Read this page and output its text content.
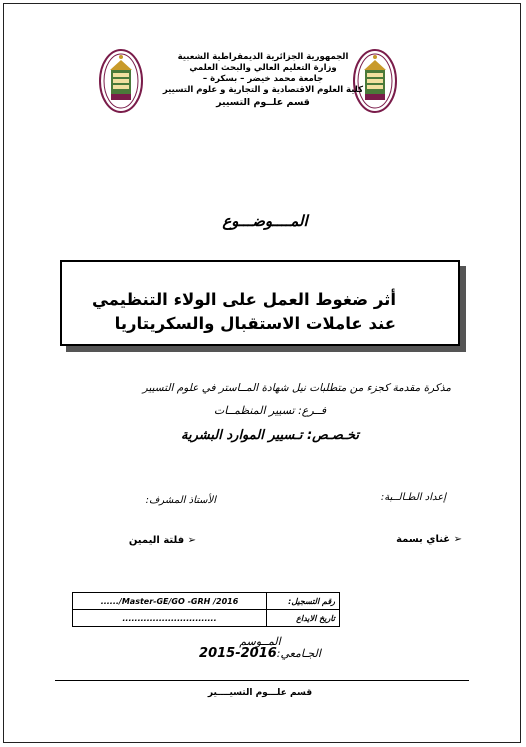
الجمهورية الجزائرية الديمقراطية الشعبية
وزارة التعليم العالي والبحث العلمي
جامعة محمد خيضر – بسكرة –
كلية العلوم الاقتصادية و التجارية و علوم التسيير
قسم علــوم التسيير
المــــوضـــوع
أثر ضغوط العمل على الولاء التنظيمي
عند عاملات الاستقبال والسكريتاريا
مذكرة مقدمة كجزء من متطلبات نيل شهادة المــاستر في علوم التسيير
فــرع: تسيير المنظمــات
تخـصـص: تـسيير الموارد البشرية
إعداد الطـالــبة:
الأستاذ المشرف:
➢ غناي بسمة
➢ فلتة اليمين
....../Master-GE/GO -GRH /2016	رقم التسجيل:
...............................	تاريخ الايداع
المــوسم
الجـامعي:2015-2016
قسم علـــوم التسيــــير
